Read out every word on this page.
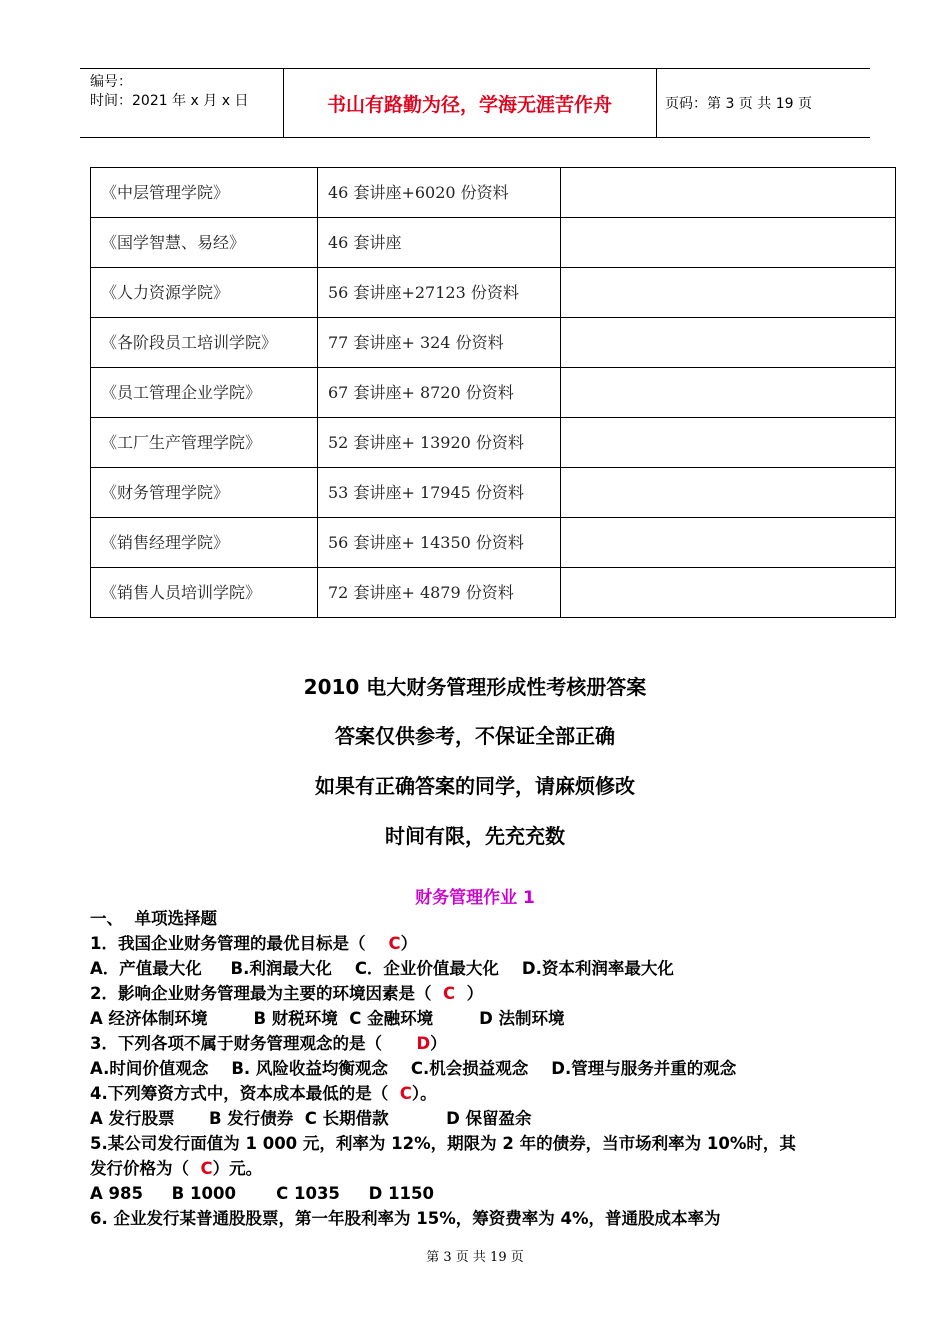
编号：
时间：2021 年 x 月 x 日	书山有路勤为径，学海无涯苦作舟	页码：第 3 页 共 19 页
《中层管理学院》	46 套讲座+6020 份资料	
《国学智慧、易经》	46 套讲座	
《人力资源学院》	56 套讲座+27123 份资料	
《各阶段员工培训学院》	77 套讲座+ 324 份资料	
《员工管理企业学院》	67 套讲座+ 8720 份资料	
《工厂生产管理学院》	52 套讲座+ 13920 份资料	
《财务管理学院》	53 套讲座+ 17945 份资料	
《销售经理学院》	56 套讲座+ 14350 份资料	
《销售人员培训学院》	72 套讲座+ 4879 份资料	
2010 电大财务管理形成性考核册答案
答案仅供参考，不保证全部正确
如果有正确答案的同学，请麻烦修改
时间有限，先充充数
财务管理作业 1
一、  单项选择题
1．我国企业财务管理的最优目标是（    C）
A．产值最大化     B.利润最大化    C．企业价值最大化    D.资本利润率最大化
2．影响企业财务管理最为主要的环境因素是（  C  ）
A 经济体制环境        B 财税环境  C 金融环境        D 法制环境
3．下列各项不属于财务管理观念的是（      D）
A.时间价值观念    B. 风险收益均衡观念    C.机会损益观念    D.管理与服务并重的观念
4.下列筹资方式中，资本成本最低的是（  C）。
A 发行股票      B 发行债券  C 长期借款          D 保留盈余
5.某公司发行面值为 1 000 元，利率为 12%，期限为 2 年的债券，当市场利率为 10%时，其
发行价格为（  C）元。
A 985     B 1000       C 1035     D 1150
6. 企业发行某普通股股票，第一年股利率为 15%，筹资费率为 4%，普通股成本率为
第 3 页 共 19 页
